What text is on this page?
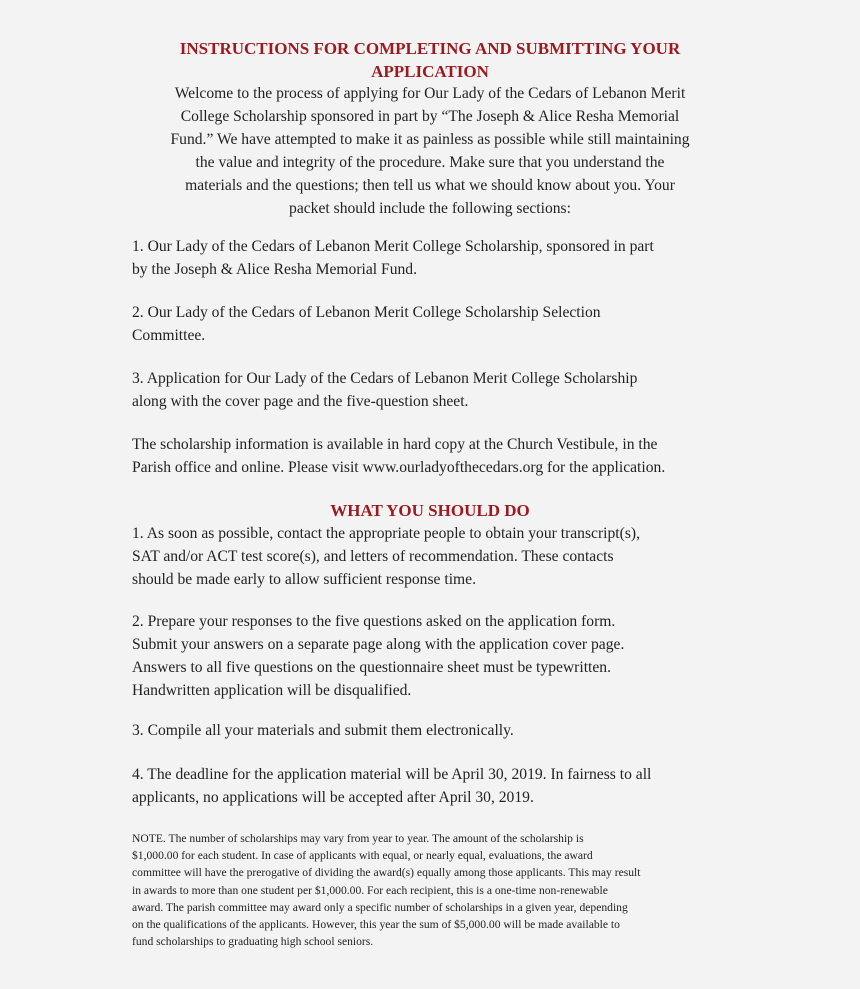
INSTRUCTIONS FOR COMPLETING AND SUBMITTING YOUR
APPLICATION
Welcome to the process of applying for Our Lady of the Cedars of Lebanon Merit
College Scholarship sponsored in part by “The Joseph & Alice Resha Memorial
Fund.” We have attempted to make it as painless as possible while still maintaining
the value and integrity of the procedure. Make sure that you understand the
materials and the questions; then tell us what we should know about you. Your
packet should include the following sections:
1. Our Lady of the Cedars of Lebanon Merit College Scholarship, sponsored in part
by the Joseph & Alice Resha Memorial Fund.
2. Our Lady of the Cedars of Lebanon Merit College Scholarship Selection
Committee.
3. Application for Our Lady of the Cedars of Lebanon Merit College Scholarship
along with the cover page and the five-question sheet.
The scholarship information is available in hard copy at the Church Vestibule, in the
Parish office and online. Please visit www.ourladyofthecedars.org for the application.
WHAT YOU SHOULD DO
1. As soon as possible, contact the appropriate people to obtain your transcript(s),
SAT and/or ACT test score(s), and letters of recommendation. These contacts
should be made early to allow sufficient response time.
2. Prepare your responses to the five questions asked on the application form.
Submit your answers on a separate page along with the application cover page.
Answers to all five questions on the questionnaire sheet must be typewritten.
Handwritten application will be disqualified.
3. Compile all your materials and submit them electronically.
4. The deadline for the application material will be April 30, 2019. In fairness to all
applicants, no applications will be accepted after April 30, 2019.
NOTE. The number of scholarships may vary from year to year. The amount of the scholarship is
$1,000.00 for each student. In case of applicants with equal, or nearly equal, evaluations, the award
committee will have the prerogative of dividing the award(s) equally among those applicants. This may result
in awards to more than one student per $1,000.00. For each recipient, this is a one-time non-renewable
award. The parish committee may award only a specific number of scholarships in a given year, depending
on the qualifications of the applicants. However, this year the sum of $5,000.00 will be made available to
fund scholarships to graduating high school seniors.
